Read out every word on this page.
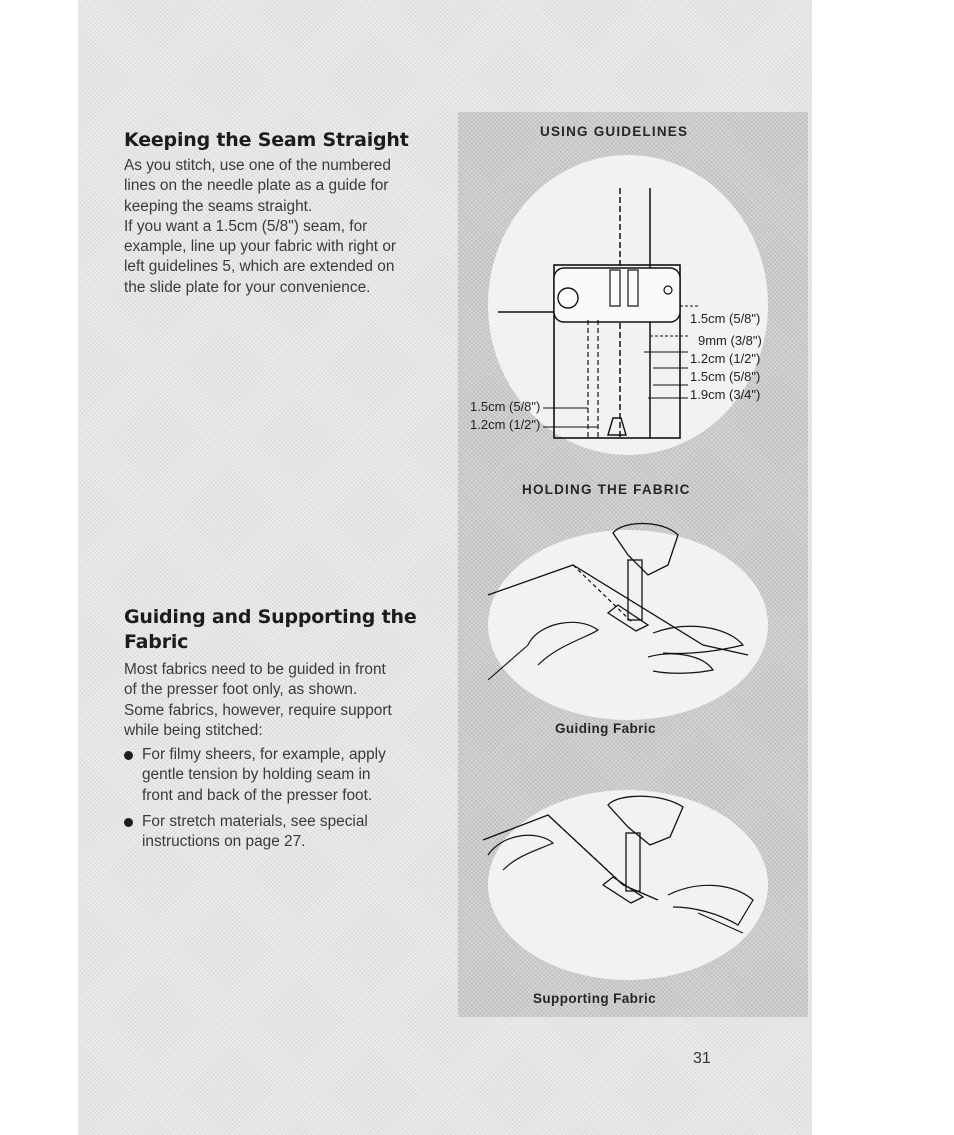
Keeping the Seam Straight

As you stitch, use one of the numbered
lines on the needle plate as a guide for
keeping the seams straight.
If you want a 1.5cm (5/8") seam, for
example, line up your fabric with right or
left guidelines 5, which are extended on
the slide plate for your convenience.

Guiding and Supporting the
Fabric

Most fabrics need to be guided in front
of the presser foot only, as shown.
Some fabrics, however, require support
while being stitched:

For filmy sheers, for example, apply
gentle tension by holding seam in
front and back of the presser foot.
For stretch materials, see special
instructions on page 27.
USING GUIDELINES
1.5cm (5/8")
9mm (3/8")
1.2cm (1/2")
1.5cm (5/8")
1.9cm (3/4")
1.5cm (5/8")
1.2cm (1/2")
HOLDING THE FABRIC
Guiding Fabric
Supporting Fabric
31
